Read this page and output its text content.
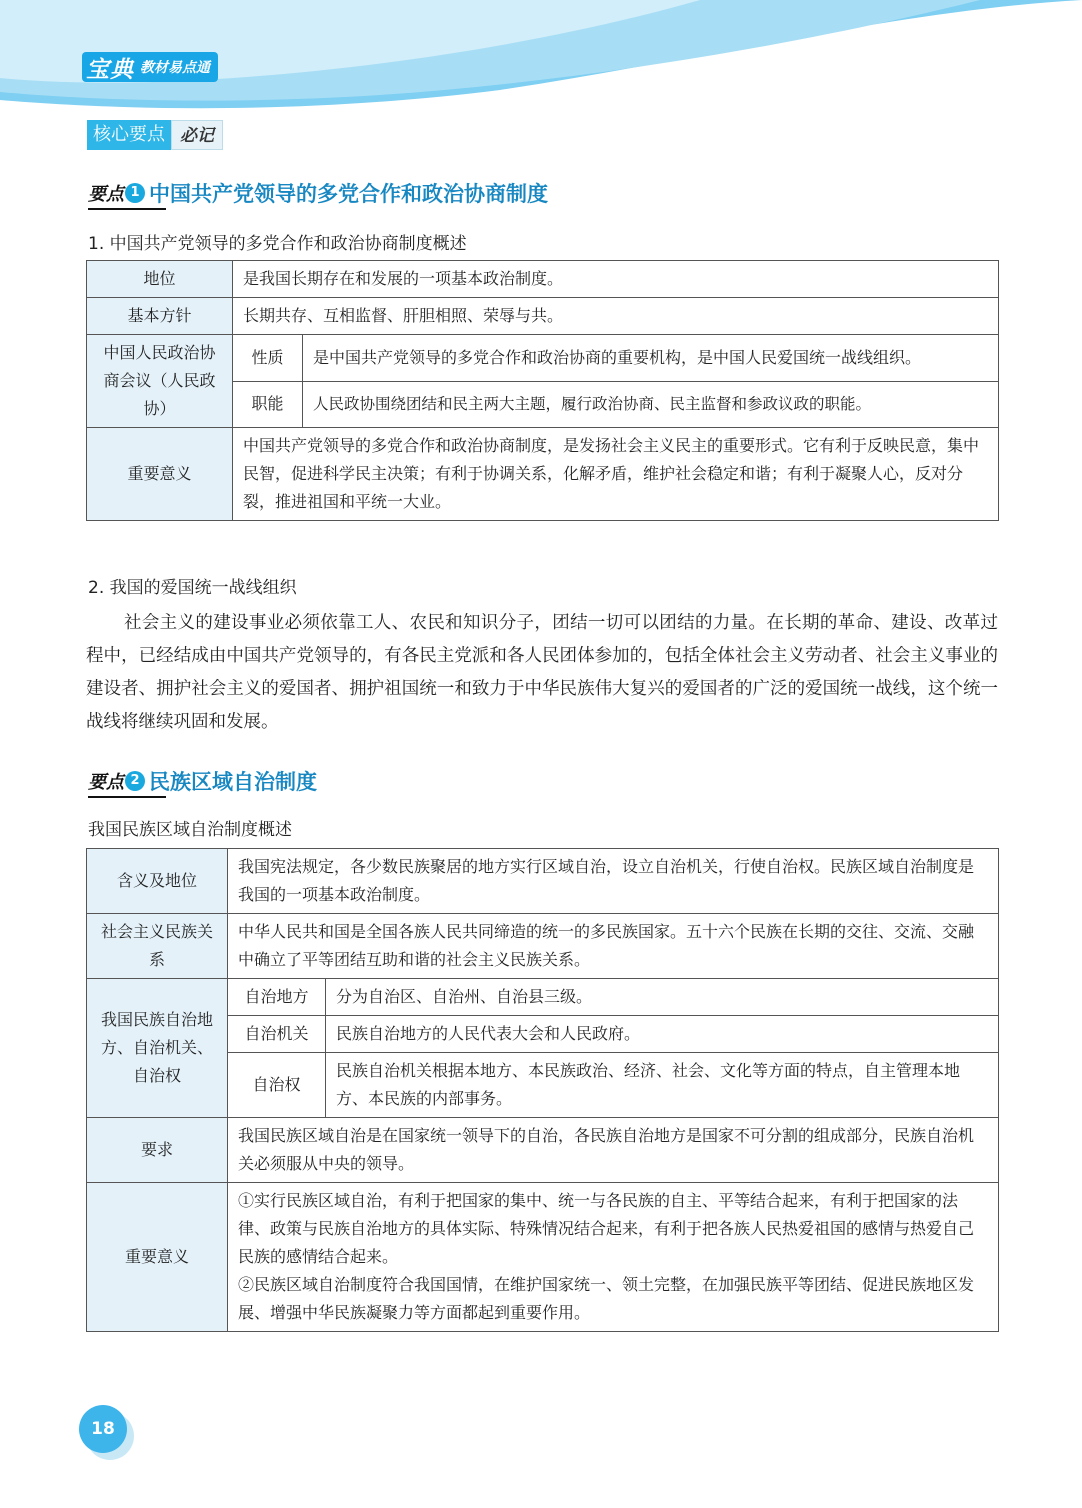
宝典 教材易点通
核心要点 必记
要点 1 中国共产党领导的多党合作和政治协商制度
1. 中国共产党领导的多党合作和政治协商制度概述
地位	是我国长期存在和发展的一项基本政治制度。	
基本方针	长期共存、互相监督、肝胆相照、荣辱与共。	
中国人民政治协商会议（人民政协）	性质	是中国共产党领导的多党合作和政治协商的重要机构，是中国人民爱国统一战线组织。
	职能	人民政协围绕团结和民主两大主题，履行政治协商、民主监督和参政议政的职能。
重要意义	中国共产党领导的多党合作和政治协商制度，是发扬社会主义民主的重要形式。它有利于反映民意，集中民智，促进科学民主决策；有利于协调关系，化解矛盾，维护社会稳定和谐；有利于凝聚人心，反对分裂，推进祖国和平统一大业。	
2. 我国的爱国统一战线组织
社会主义的建设事业必须依靠工人、农民和知识分子，团结一切可以团结的力量。在长期的革命、建设、改革过程中，已经结成由中国共产党领导的，有各民主党派和各人民团体参加的，包括全体社会主义劳动者、社会主义事业的建设者、拥护社会主义的爱国者、拥护祖国统一和致力于中华民族伟大复兴的爱国者的广泛的爱国统一战线，这个统一战线将继续巩固和发展。
要点 2 民族区域自治制度
我国民族区域自治制度概述
含义及地位	我国宪法规定，各少数民族聚居的地方实行区域自治，设立自治机关，行使自治权。民族区域自治制度是我国的一项基本政治制度。	
社会主义民族关系	中华人民共和国是全国各族人民共同缔造的统一的多民族国家。五十六个民族在长期的交往、交流、交融中确立了平等团结互助和谐的社会主义民族关系。	
我国民族自治地方、自治机关、自治权	自治地方	分为自治区、自治州、自治县三级。
	自治机关	民族自治地方的人民代表大会和人民政府。
	自治权	民族自治机关根据本地方、本民族政治、经济、社会、文化等方面的特点，自主管理本地方、本民族的内部事务。
要求	我国民族区域自治是在国家统一领导下的自治，各民族自治地方是国家不可分割的组成部分，民族自治机关必须服从中央的领导。	
重要意义	①实行民族区域自治，有利于把国家的集中、统一与各民族的自主、平等结合起来，有利于把国家的法律、政策与民族自治地方的具体实际、特殊情况结合起来，有利于把各族人民热爱祖国的感情与热爱自己民族的感情结合起来。
②民族区域自治制度符合我国国情，在维护国家统一、领土完整，在加强民族平等团结、促进民族地区发展、增强中华民族凝聚力等方面都起到重要作用。	
18
